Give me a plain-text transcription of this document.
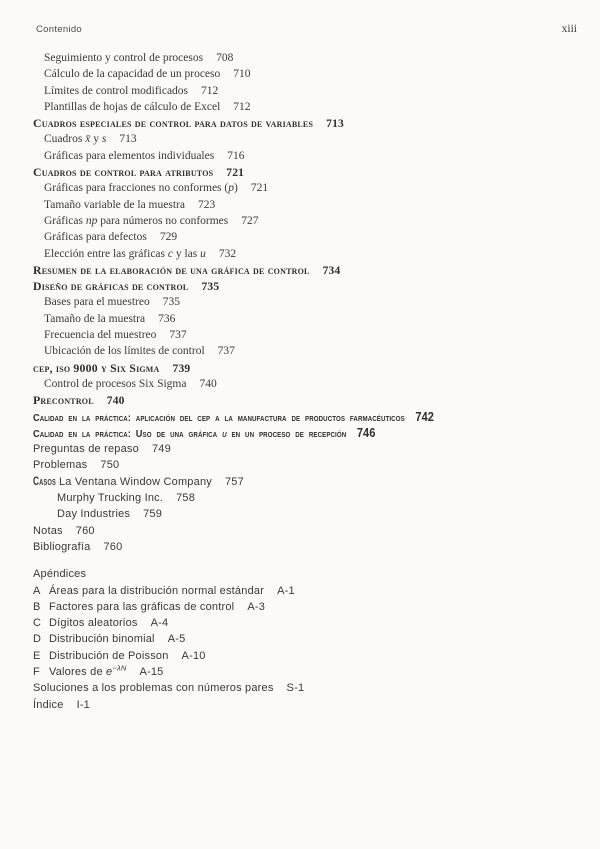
Contenido	xiii
Seguimiento y control de procesos 708
Cálculo de la capacidad de un proceso 710
Límites de control modificados 712
Plantillas de hojas de cálculo de Excel 712
Cuadros especiales de control para datos de variables 713
Cuadros x̄ y s 713
Gráficas para elementos individuales 716
Cuadros de control para atributos 721
Gráficas para fracciones no conformes (p) 721
Tamaño variable de la muestra 723
Gráficas np para números no conformes 727
Gráficas para defectos 729
Elección entre las gráficas c y las u 732
Resumen de la elaboración de una gráfica de control 734
Diseño de gráficas de control 735
Bases para el muestreo 735
Tamaño de la muestra 736
Frecuencia del muestreo 737
Ubicación de los límites de control 737
cep, iso 9000 y Six Sigma 739
Control de procesos Six Sigma 740
Precontrol 740
Calidad en la práctica: aplicación del cep a la manufactura de productos farmacéuticos 742
Calidad en la práctica: Uso de una gráfica u en un proceso de recepción 746
Preguntas de repaso 749
Problemas 750
Casos La Ventana Window Company 757
Murphy Trucking Inc. 758
Day Industries 759
Notas 760
Bibliografía 760
Apéndices
A Áreas para la distribución normal estándar A-1
B Factores para las gráficas de control A-3
C Dígitos aleatorios A-4
D Distribución binomial A-5
E Distribución de Poisson A-10
F Valores de $e^{-\lambda N}$ A-15
Soluciones a los problemas con números pares S-1
Índice I-1
